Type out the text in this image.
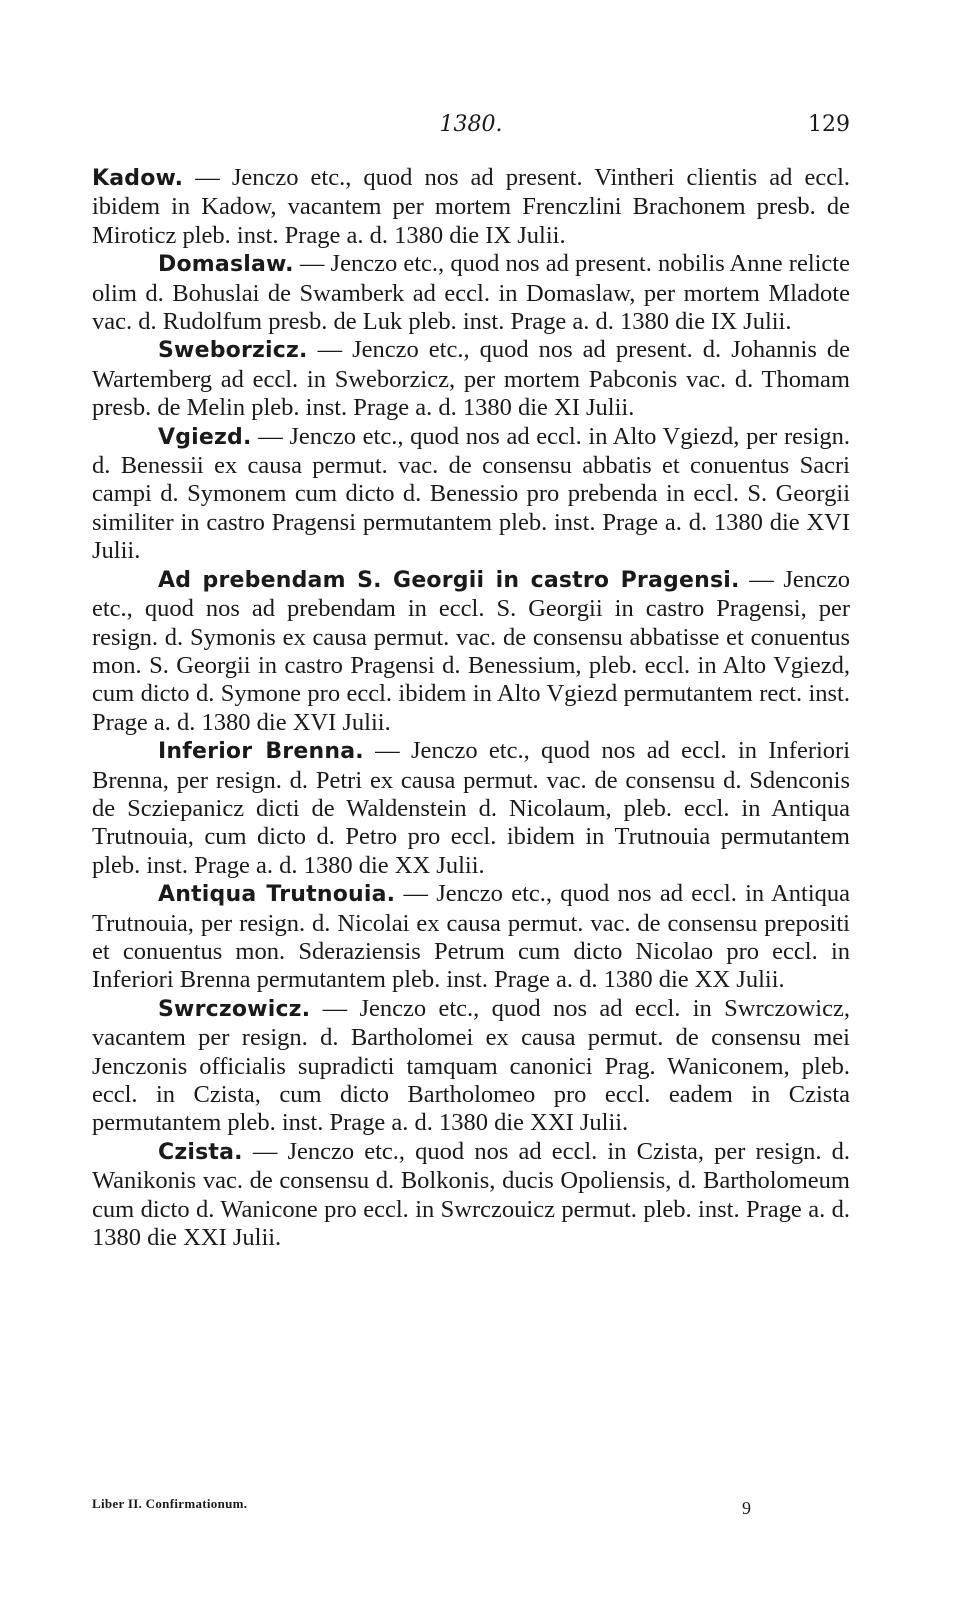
1380.	129

Kadow. — Jenczo etc., quod nos ad present. Vintheri clientis ad eccl. ibidem in Kadow, vacantem per mortem Frenczlini Brachonem presb. de Miroticz pleb. inst. Prage a. d. 1380 die IX Julii.

Domaslaw. — Jenczo etc., quod nos ad present. nobilis Anne relicte olim d. Bohuslai de Swamberk ad eccl. in Domaslaw, per mortem Mladote vac. d. Rudolfum presb. de Luk pleb. inst. Prage a. d. 1380 die IX Julii.

Sweborzicz. — Jenczo etc., quod nos ad present. d. Johannis de Wartemberg ad eccl. in Sweborzicz, per mortem Pabconis vac. d. Thomam presb. de Melin pleb. inst. Prage a. d. 1380 die XI Julii.

Vgiezd. — Jenczo etc., quod nos ad eccl. in Alto Vgiezd, per resign. d. Benessii ex causa permut. vac. de consensu abbatis et conuentus Sacri campi d. Symonem cum dicto d. Benessio pro prebenda in eccl. S. Georgii similiter in castro Pragensi permutantem pleb. inst. Prage a. d. 1380 die XVI Julii.

Ad prebendam S. Georgii in castro Pragensi. — Jenczo etc., quod nos ad prebendam in eccl. S. Georgii in castro Pragensi, per resign. d. Symonis ex causa permut. vac. de consensu abbatisse et conuentus mon. S. Georgii in castro Pragensi d. Benessium, pleb. eccl. in Alto Vgiezd, cum dicto d. Symone pro eccl. ibidem in Alto Vgiezd permutantem rect. inst. Prage a. d. 1380 die XVI Julii.

Inferior Brenna. — Jenczo etc., quod nos ad eccl. in Inferiori Brenna, per resign. d. Petri ex causa permut. vac. de consensu d. Sdenconis de Scziepanicz dicti de Waldenstein d. Nicolaum, pleb. eccl. in Antiqua Trutnouia, cum dicto d. Petro pro eccl. ibidem in Trutnouia permutantem pleb. inst. Prage a. d. 1380 die XX Julii.

Antiqua Trutnouia. — Jenczo etc., quod nos ad eccl. in Antiqua Trutnouia, per resign. d. Nicolai ex causa permut. vac. de consensu prepositi et conuentus mon. Sderaziensis Petrum cum dicto Nicolao pro eccl. in Inferiori Brenna permutantem pleb. inst. Prage a. d. 1380 die XX Julii.

Swrczowicz. — Jenczo etc., quod nos ad eccl. in Swrczowicz, vacantem per resign. d. Bartholomei ex causa permut. de consensu mei Jenczonis officialis supradicti tamquam canonici Prag. Waniconem, pleb. eccl. in Czista, cum dicto Bartholomeo pro eccl. eadem in Czista permutantem pleb. inst. Prage a. d. 1380 die XXI Julii.

Czista. — Jenczo etc., quod nos ad eccl. in Czista, per resign. d. Wanikonis vac. de consensu d. Bolkonis, ducis Opoliensis, d. Bartholomeum cum dicto d. Wanicone pro eccl. in Swrczouicz permut. pleb. inst. Prage a. d. 1380 die XXI Julii.

Liber II. Confirmationum.	9
